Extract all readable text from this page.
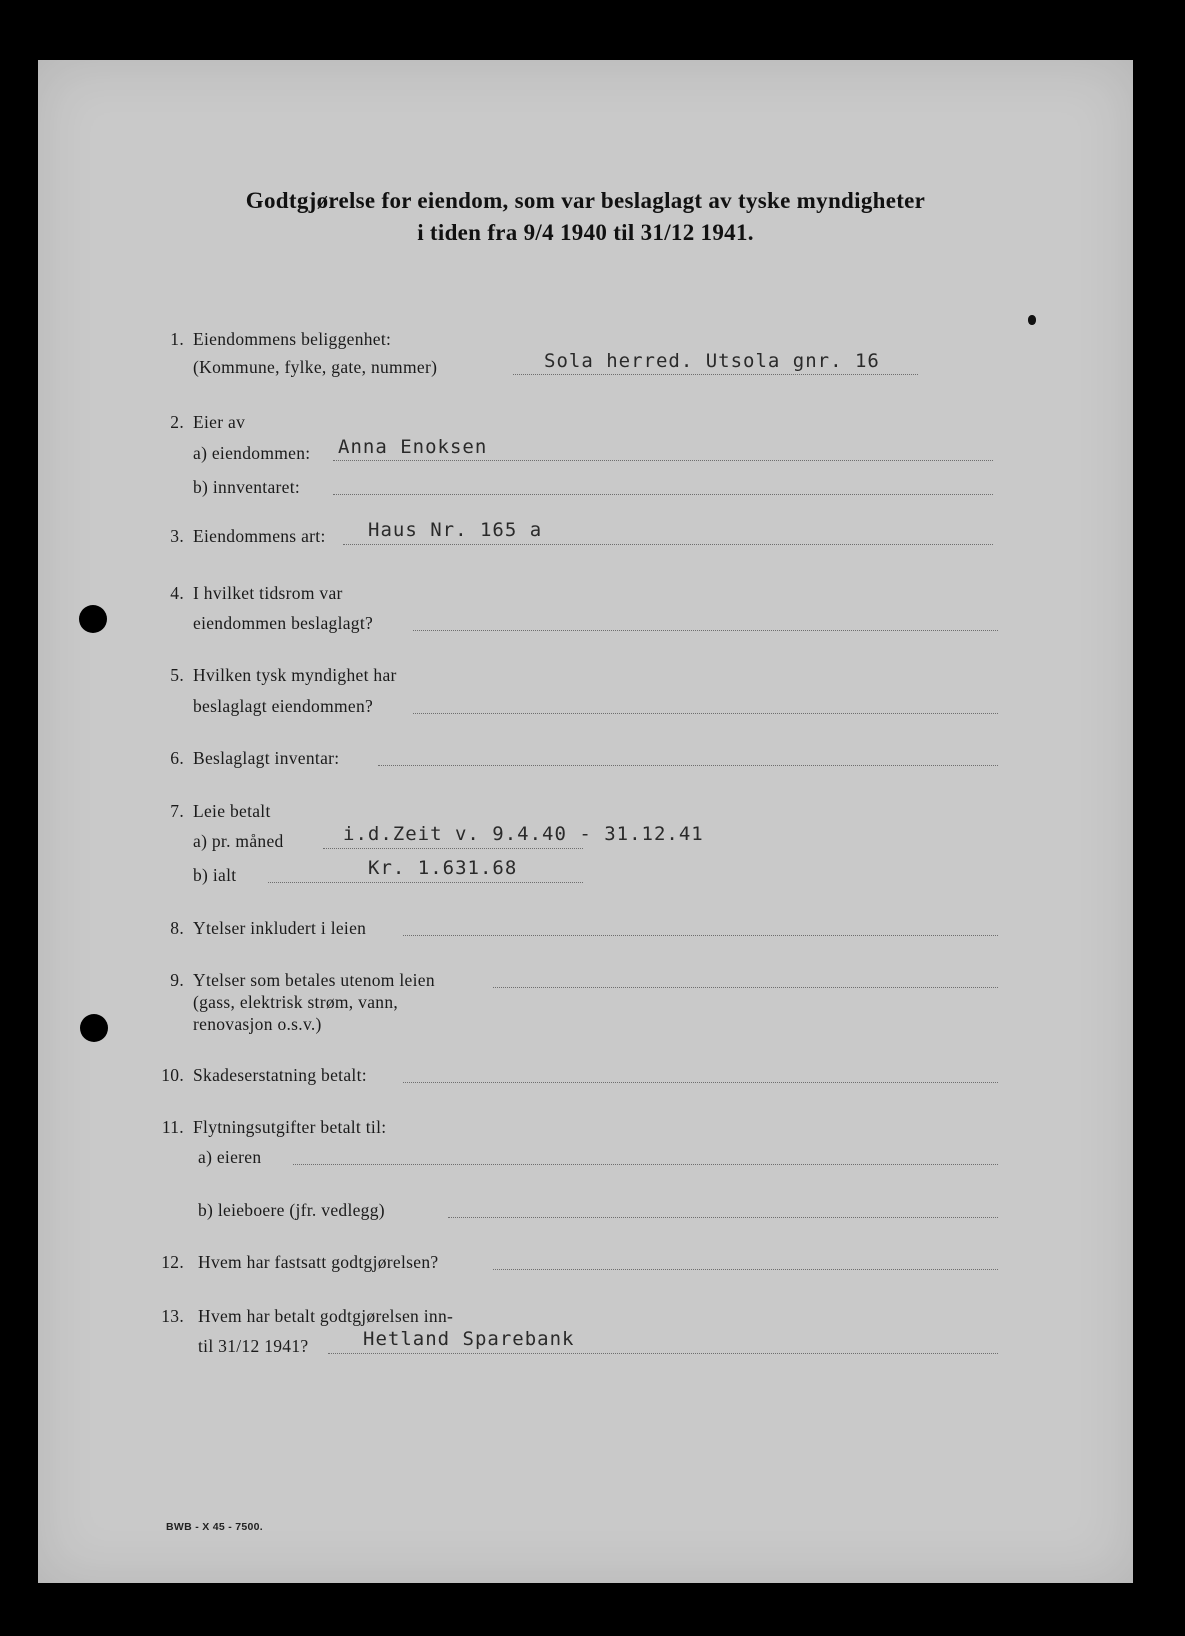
Godtgjørelse for eiendom, som var beslaglagt av tyske myndigheter
i tiden fra 9/4 1940 til 31/12 1941.
1. Eiendommens beliggenhet:
(Kommune, fylke, gate, nummer)	Sola herred. Utsola gnr. 16
2. Eier av
a) eiendommen: Anna Enoksen
b) innventaret:
3. Eiendommens art: Haus Nr. 165 a
4. I hvilket tidsrom var
eiendommen beslaglagt?
5. Hvilken tysk myndighet har
beslaglagt eiendommen?
6. Beslaglagt inventar:
7. Leie betalt
a) pr. måned	i.d.Zeit v. 9.4.40 - 31.12.41
b) ialt	Kr. 1.631.68
8. Ytelser inkludert i leien
9. Ytelser som betales utenom leien
(gass, elektrisk strøm, vann,
renovasjon o.s.v.)
10. Skadeserstatning betalt:
11. Flytningsutgifter betalt til:
a) eieren
b) leieboere (jfr. vedlegg)
12. Hvem har fastsatt godtgjørelsen?
13. Hvem har betalt godtgjørelsen inn-
til 31/12 1941?	Hetland Sparebank
BWB - X 45 - 7500.
